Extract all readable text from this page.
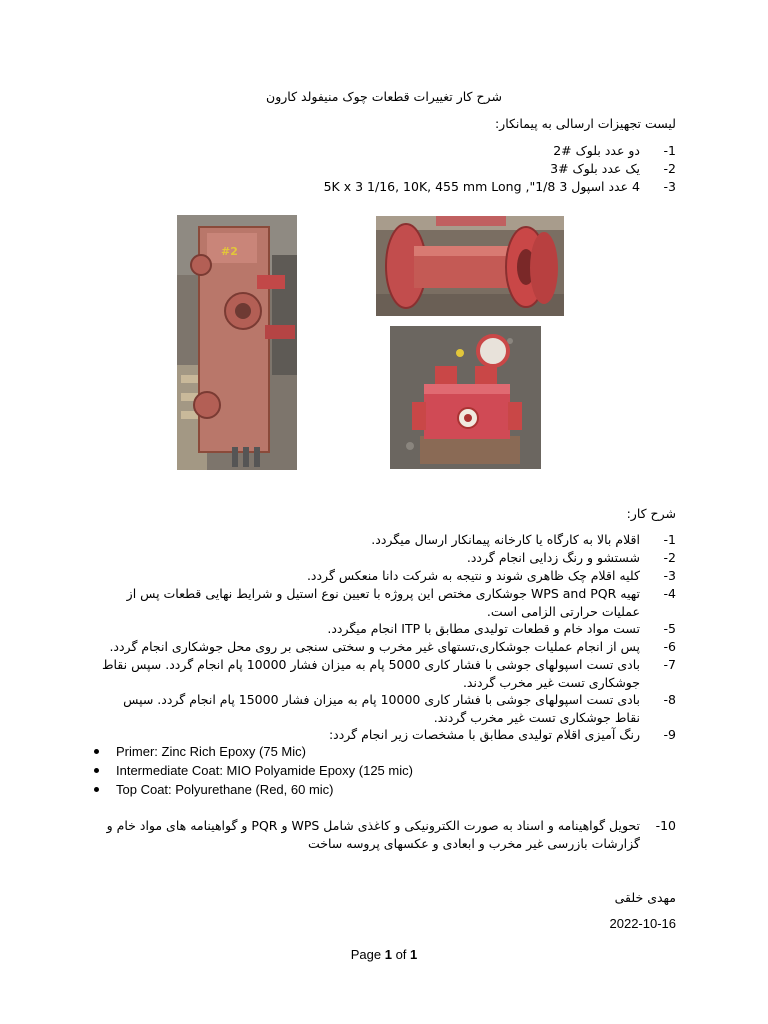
شرح کار تغییرات قطعات چوک منیفولد کارون
لیست تجهیزات ارسالی به پیمانکار:
-1
دو عدد بلوک #2
-2
یک عدد بلوک #3
-3
4 عدد اسپول 3 1/8", 5K x 3 1/16, 10K, 455 mm Long
#2
شرح کار:
-1
اقلام بالا به کارگاه یا کارخانه پیمانکار ارسال میگردد.
-2
شستشو و رنگ زدایی انجام گردد.
-3
کلیه اقلام چک ظاهری شوند و نتیجه به شرکت دانا منعکس گردد.
-4
تهیه WPS and PQR جوشکاری مختص این پروژه با تعیین نوع استیل و شرایط نهایی قطعات پس از عملیات حرارتی الزامی است.
-5
تست مواد خام و قطعات تولیدی مطابق با ITP انجام میگردد.
-6
پس از انجام عملیات جوشکاری،تستهای غیر مخرب و سختی سنجی بر روی محل جوشکاری انجام گردد.
-7
بادی تست اسپولهای جوشی با فشار کاری 5000 پام به میزان فشار 10000 پام انجام گردد. سپس نقاط جوشکاری تست غیر مخرب گردند.
-8
بادی تست اسپولهای جوشی با فشار کاری 10000 پام به میزان فشار 15000 پام انجام گردد. سپس نقاط جوشکاری تست غیر مخرب گردند.
-9
رنگ آمیزی اقلام تولیدی مطابق با مشخصات زیر انجام گردد:
Primer: Zinc Rich Epoxy (75 Mic)
Intermediate Coat: MIO Polyamide Epoxy (125 mic)
Top Coat: Polyurethane (Red, 60 mic)
-10
تحویل گواهینامه و اسناد به صورت الکترونیکی و کاغذی شامل WPS و PQR و گواهینامه های مواد خام و گزارشات بازرسی غیر مخرب و ابعادی و عکسهای پروسه ساخت
مهدی خلقی
2022-10-16
Page 1 of 1
